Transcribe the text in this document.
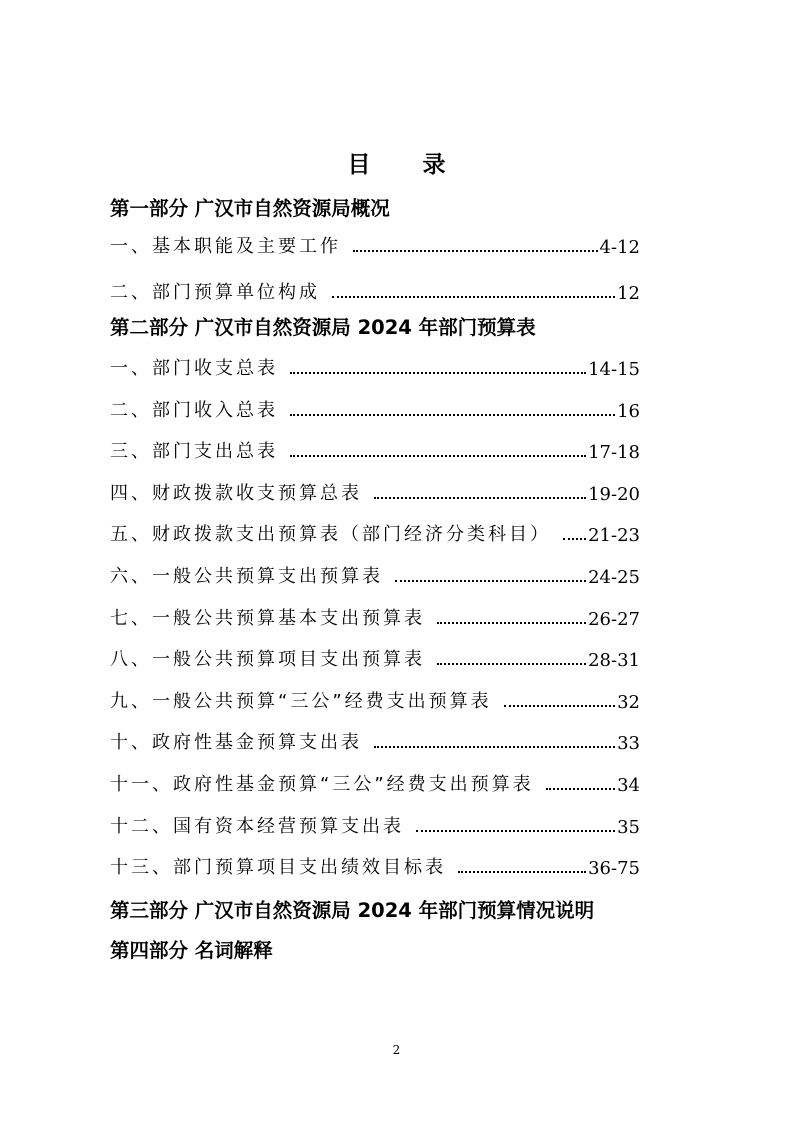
目 录
第一部分 广汉市自然资源局概况
一、基本职能及主要工作	4-12
二、部门预算单位构成	12
第二部分 广汉市自然资源局 2024 年部门预算表
一、部门收支总表	14-15
二、部门收入总表	16
三、部门支出总表	17-18
四、财政拨款收支预算总表	19-20
五、财政拨款支出预算表（部门经济分类科目） 21-23
六、一般公共预算支出预算表	24-25
七、一般公共预算基本支出预算表	26-27
八、一般公共预算项目支出预算表	28-31
九、一般公共预算“三公”经费支出预算表	32
十、政府性基金预算支出表	33
十一、政府性基金预算“三公”经费支出预算表	34
十二、国有资本经营预算支出表	35
十三、部门预算项目支出绩效目标表	36-75
第三部分 广汉市自然资源局 2024 年部门预算情况说明
第四部分 名词解释
2
